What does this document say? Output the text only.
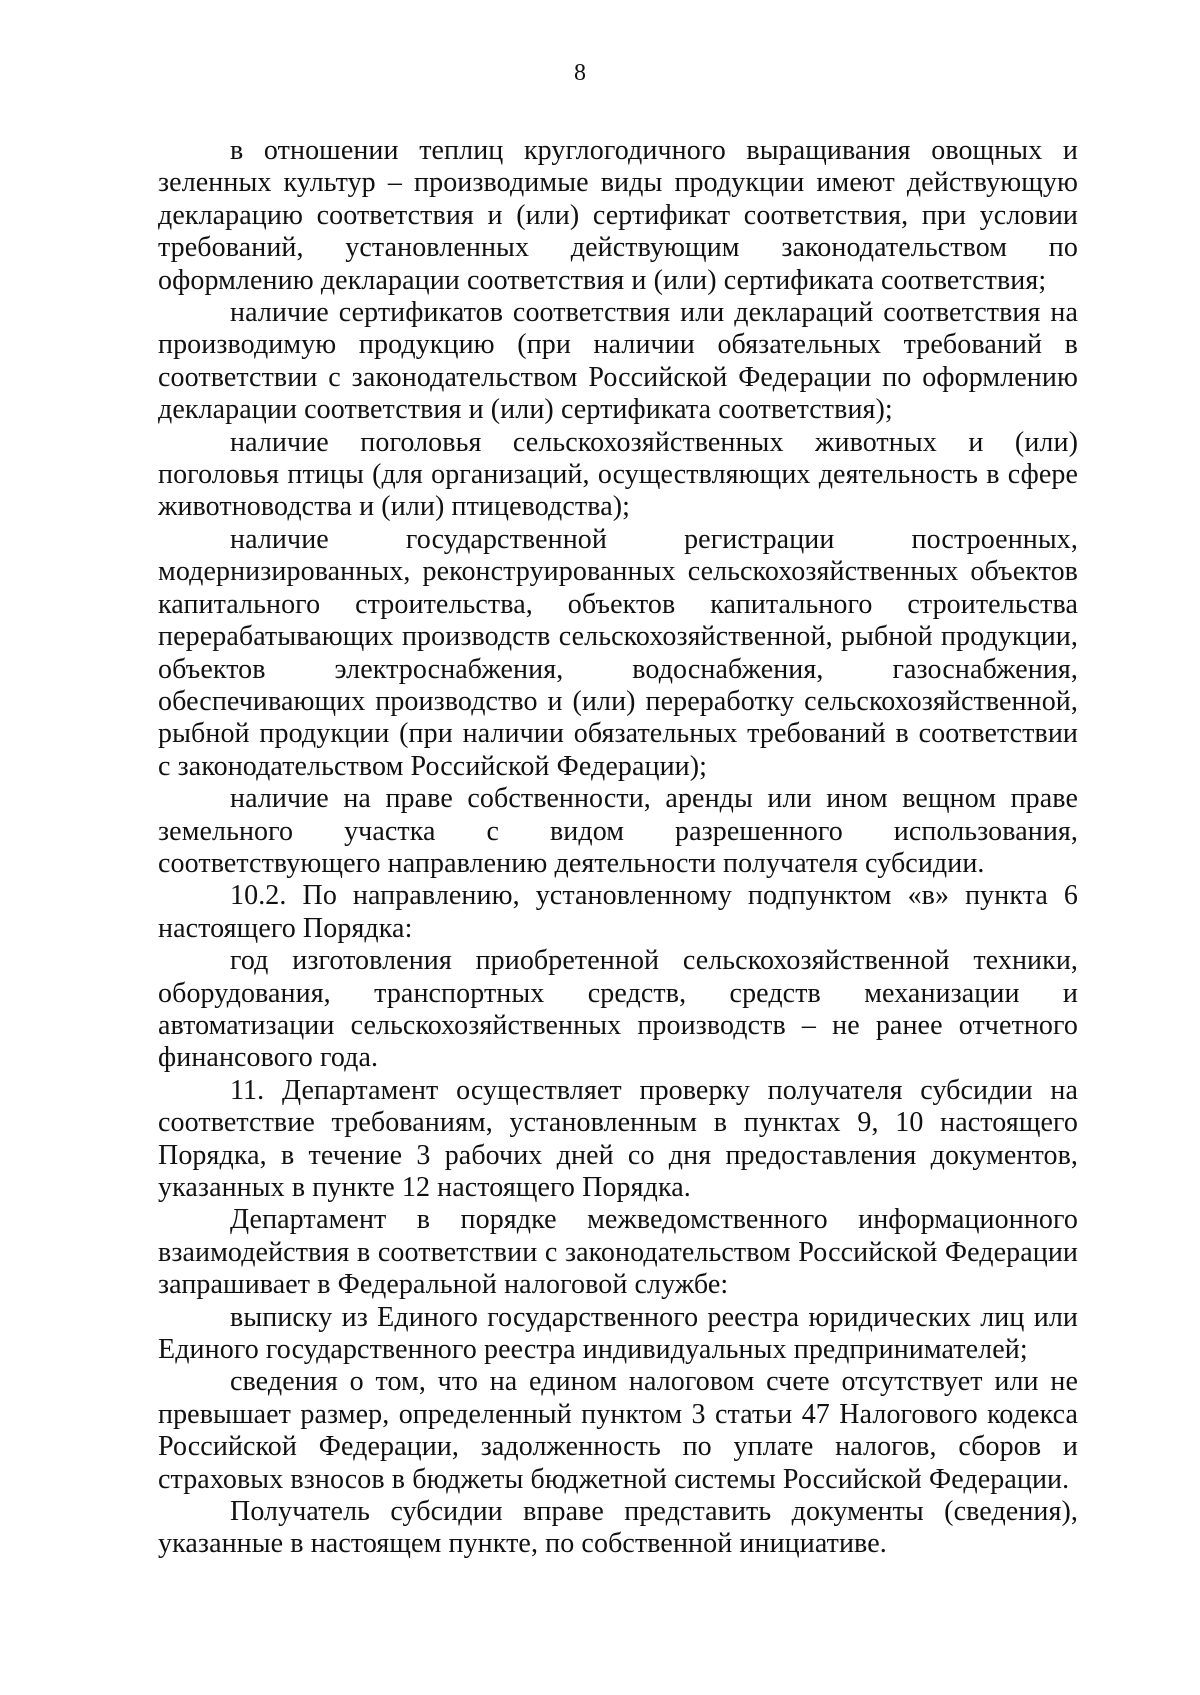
8

в отношении теплиц круглогодичного выращивания овощных и зеленных культур – производимые виды продукции имеют действующую декларацию соответствия и (или) сертификат соответствия, при условии требований, установленных действующим законодательством по оформлению декларации соответствия и (или) сертификата соответствия;

наличие сертификатов соответствия или деклараций соответствия на производимую продукцию (при наличии обязательных требований в соответствии с законодательством Российской Федерации по оформлению декларации соответствия и (или) сертификата соответствия);

наличие поголовья сельскохозяйственных животных и (или) поголовья птицы (для организаций, осуществляющих деятельность в сфере животноводства и (или) птицеводства);

наличие государственной регистрации построенных, модернизированных, реконструированных сельскохозяйственных объектов капитального строительства, объектов капитального строительства перерабатывающих производств сельскохозяйственной, рыбной продукции, объектов электроснабжения, водоснабжения, газоснабжения, обеспечивающих производство и (или) переработку сельскохозяйственной, рыбной продукции (при наличии обязательных требований в соответствии с законодательством Российской Федерации);

наличие на праве собственности, аренды или ином вещном праве земельного участка с видом разрешенного использования, соответствующего направлению деятельности получателя субсидии.

10.2. По направлению, установленному подпунктом «в» пункта 6 настоящего Порядка:

год изготовления приобретенной сельскохозяйственной техники, оборудования, транспортных средств, средств механизации и автоматизации сельскохозяйственных производств – не ранее отчетного финансового года.

11. Департамент осуществляет проверку получателя субсидии на соответствие требованиям, установленным в пунктах 9, 10 настоящего Порядка, в течение 3 рабочих дней со дня предоставления документов, указанных в пункте 12 настоящего Порядка.

Департамент в порядке межведомственного информационного взаимодействия в соответствии с законодательством Российской Федерации запрашивает в Федеральной налоговой службе:

выписку из Единого государственного реестра юридических лиц или Единого государственного реестра индивидуальных предпринимателей;

сведения о том, что на едином налоговом счете отсутствует или не превышает размер, определенный пунктом 3 статьи 47 Налогового кодекса Российской Федерации, задолженность по уплате налогов, сборов и страховых взносов в бюджеты бюджетной системы Российской Федерации.

Получатель субсидии вправе представить документы (сведения), указанные в настоящем пункте, по собственной инициативе.
